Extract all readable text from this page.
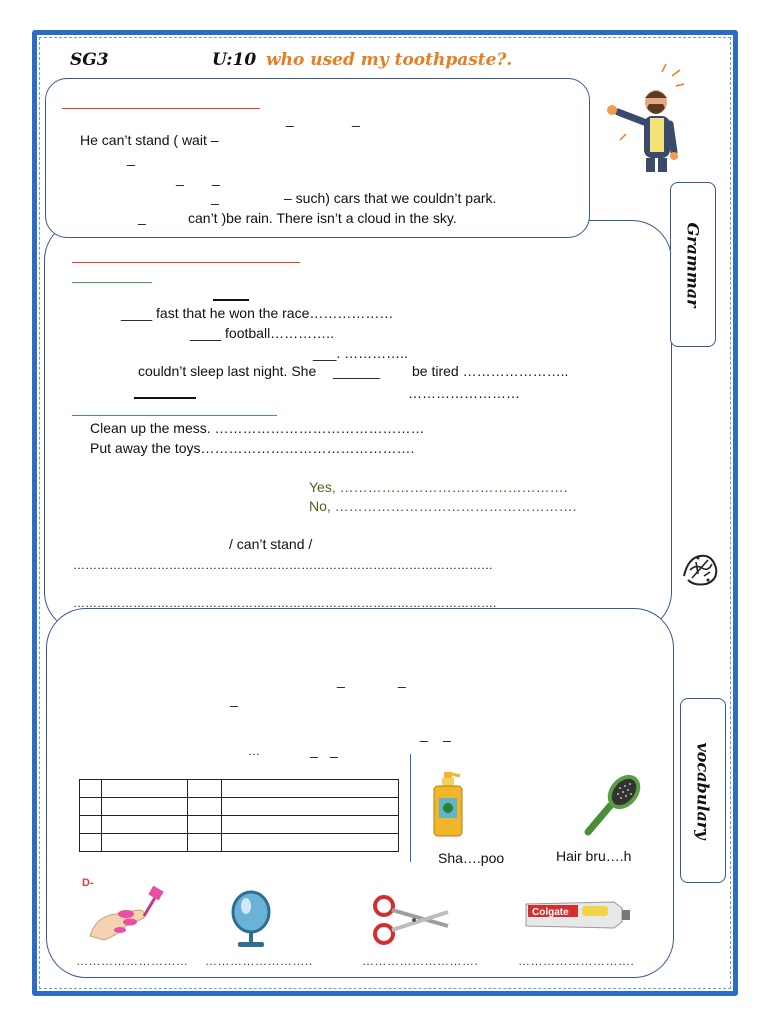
SG3	U:10 who used my toothpaste?.
Grammar
vocabulary
_	_
He can’t stand ( wait –
_
_ _
_	– such) cars that we couldn’t park.
_	can’t )be rain. There isn’t a cloud in the sky.
____ fast that he won the race………………
____ football…………..
___. …………..
couldn’t sleep last night. She ______ be tired …………………..
……………………
Clean up the mess. ………………………………………
Put away the toys……………………………………….
Yes, ………………………………………….
No, …………………………………………….
/ can’t stand /
……………………………………………………………………………………………
…………………………………………………………………………………………….
_	_
_
_ _
…	_ _

Sha….poo	Hair bru….h
D-
Colgate
……………………… ……………………..	……………………….	……………………….
